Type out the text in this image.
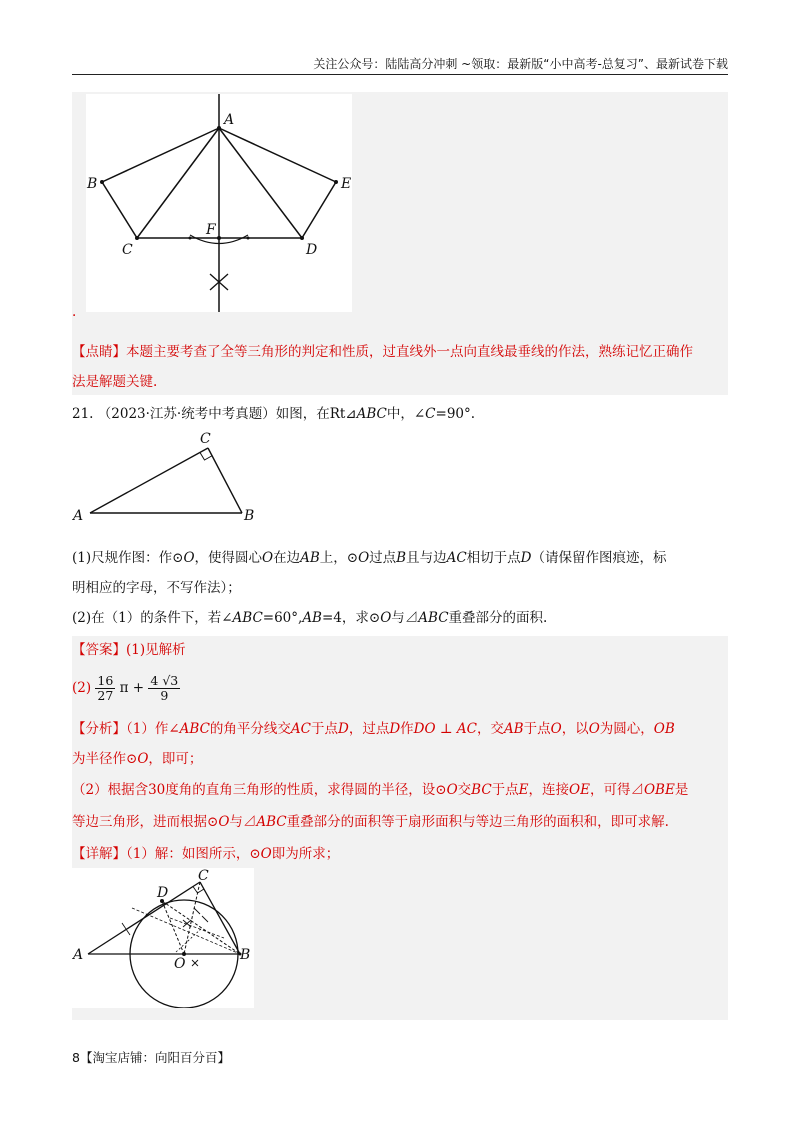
关注公众号：陆陆高分冲刺 ~领取：最新版“小中高考-总复习”、最新试卷下载
A
B	E
C	D
F
·
【点睛】本题主要考查了全等三角形的判定和性质，过直线外一点向直线最垂线的作法，熟练记忆正确作
法是解题关键.
21. （2023·江苏·统考中考真题）如图，在Rt⊿ABC中，∠C=90°.
A	B
C
(1)尺规作图：作⊙O，使得圆心O在边AB上，⊙O过点B且与边AC相切于点D（请保留作图痕迹，标
明相应的字母，不写作法）；
(2)在（1）的条件下，若∠ABC=60°,AB=4，求⊙O与⊿ABC重叠部分的面积.
【答案】(1)见解析
$(2) \frac{16}{27}$ $\pi + \frac{4 √3}{9}$
【分析】（1）作∠ABC的角平分线交AC于点D，过点D作DO ⊥ AC，交AB于点O，以O为圆心，OB
为半径作⊙O，即可；
（2）根据含30度角的直角三角形的性质，求得圆的半径，设⊙O交BC于点E，连接OE，可得⊿OBE是
等边三角形，进而根据⊙O与⊿ABC重叠部分的面积等于扇形面积与等边三角形的面积和，即可求解.
【详解】（1）解：如图所示，⊙O即为所求；
A	B
C
D
O
8【淘宝店铺：向阳百分百】
